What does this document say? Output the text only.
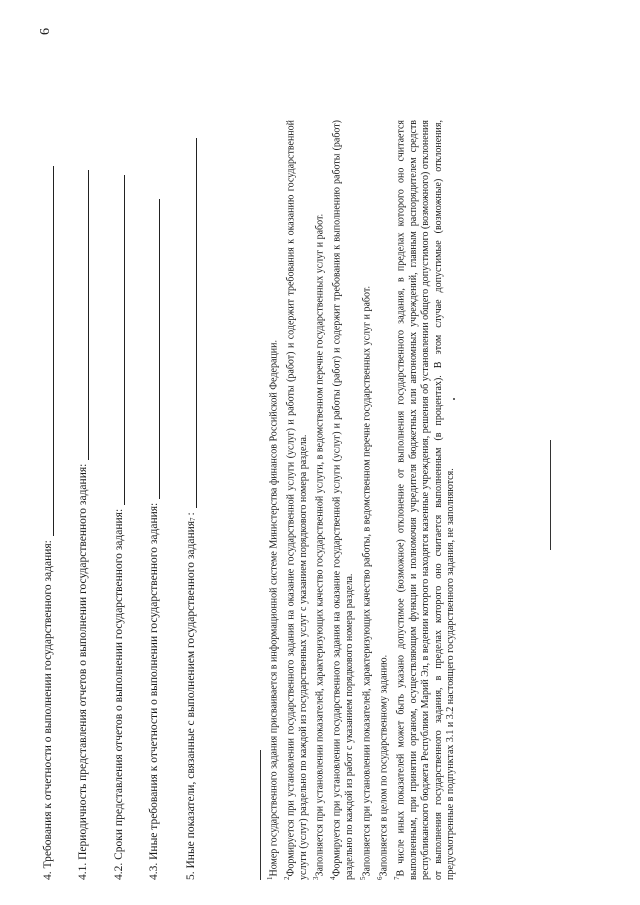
6
4. Требования к отчетности о выполнении государственного задания: 4.1. Периодичность представления отчетов о выполнении государственного задания: 4.2. Сроки представления отчетов о выполнении государственного задания: 4.3. Иные требования к отчетности о выполнении государственного задания: 5. Иные показатели, связанные с выполнением государственного задания
7
:

$^1$Номер государственного задания присваивается в информационной системе Министерства финансов Российской Федерации.

$^2$Формируется при установлении государственного задания на оказание государственной услуги (услуг) и работы (работ) и содержит требования к оказанию государственной услуги (услуг) раздельно по каждой из государственных услуг с указанием порядкового номера раздела. $^3$Заполняется при установлении показателей, характеризующих качество государственной услуги, в ведомственном перечне государственных услуг и работ.

$^4$Формируется при установлении государственного задания на оказание государственной услуги (услуг) и работы (работ) и содержит требования к выполнению работы (работ) раздельно по каждой из работ с указанием порядкового номера раздела. $^5$Заполняется при установлении показателей, характеризующих качество работы, в ведомственном перечне государственных услуг и работ.

$^6$Заполняется в целом по государственному заданию.

$^7$В числе иных показателей может быть указано допустимое (возможное) отклонение от выполнения государственного задания, в пределах которого оно считается выполненным, при принятии органом, осуществляющим функции и полномочия учредителя бюджетных или автономных учреждений, главным распорядителем средств республиканского бюджета Республики Марий Эл, в ведении которого находятся казенные учреждения, решения об установлении общего допустимого (возможного) отклонения от выполнения государственного задания, в пределах которого оно считается выполненным (в процентах). В этом случае допустимые (возможные) отклонения, предусмотренные в подпунктах 3.1 и 3.2 настоящего государственного задания, не заполняются.
